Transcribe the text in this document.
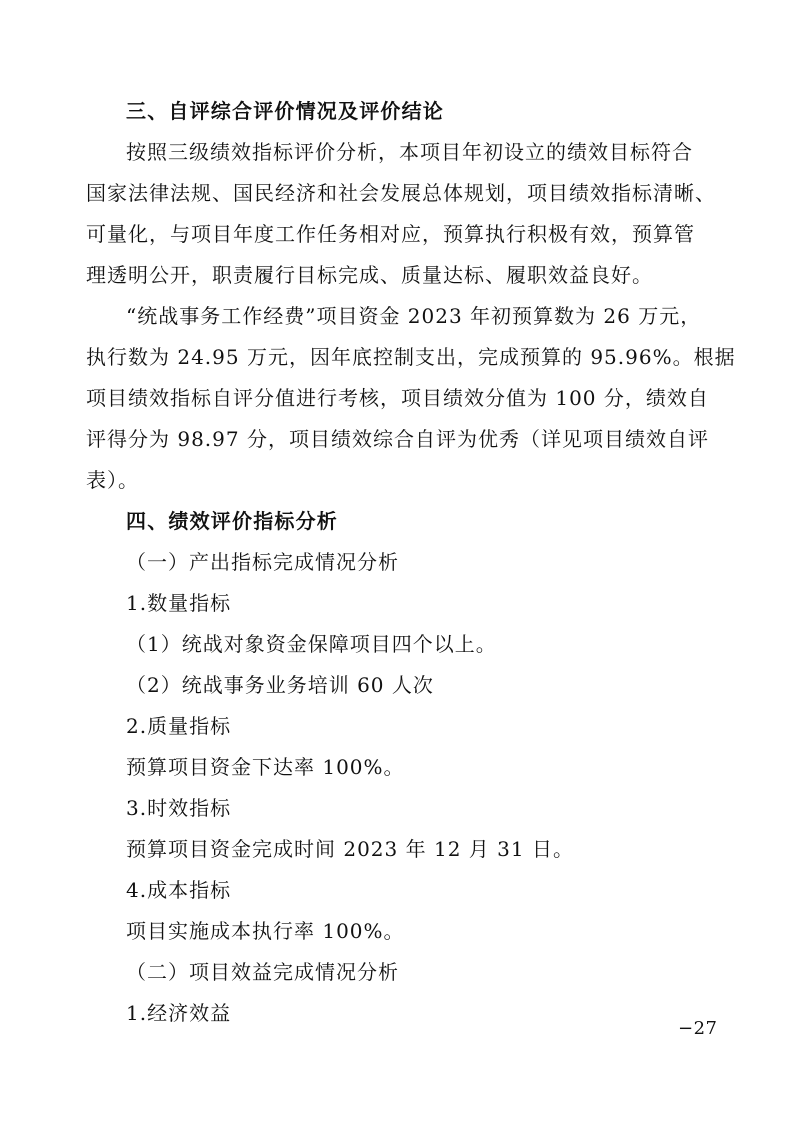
三、自评综合评价情况及评价结论
按照三级绩效指标评价分析，本项目年初设立的绩效目标符合
国家法律法规、国民经济和社会发展总体规划，项目绩效指标清晰、
可量化，与项目年度工作任务相对应，预算执行积极有效，预算管
理透明公开，职责履行目标完成、质量达标、履职效益良好。
“统战事务工作经费”项目资金 2023 年初预算数为 26 万元，
执行数为 24.95 万元，因年底控制支出，完成预算的 95.96%。根据
项目绩效指标自评分值进行考核，项目绩效分值为 100 分，绩效自
评得分为 98.97 分，项目绩效综合自评为优秀（详见项目绩效自评
表）。
四、绩效评价指标分析
（一）产出指标完成情况分析
1.数量指标
（1）统战对象资金保障项目四个以上。
（2）统战事务业务培训 60 人次
2.质量指标
预算项目资金下达率 100%。
3.时效指标
预算项目资金完成时间 2023 年 12 月 31 日。
4.成本指标
项目实施成本执行率 100%。
（二）项目效益完成情况分析
1.经济效益
−27
